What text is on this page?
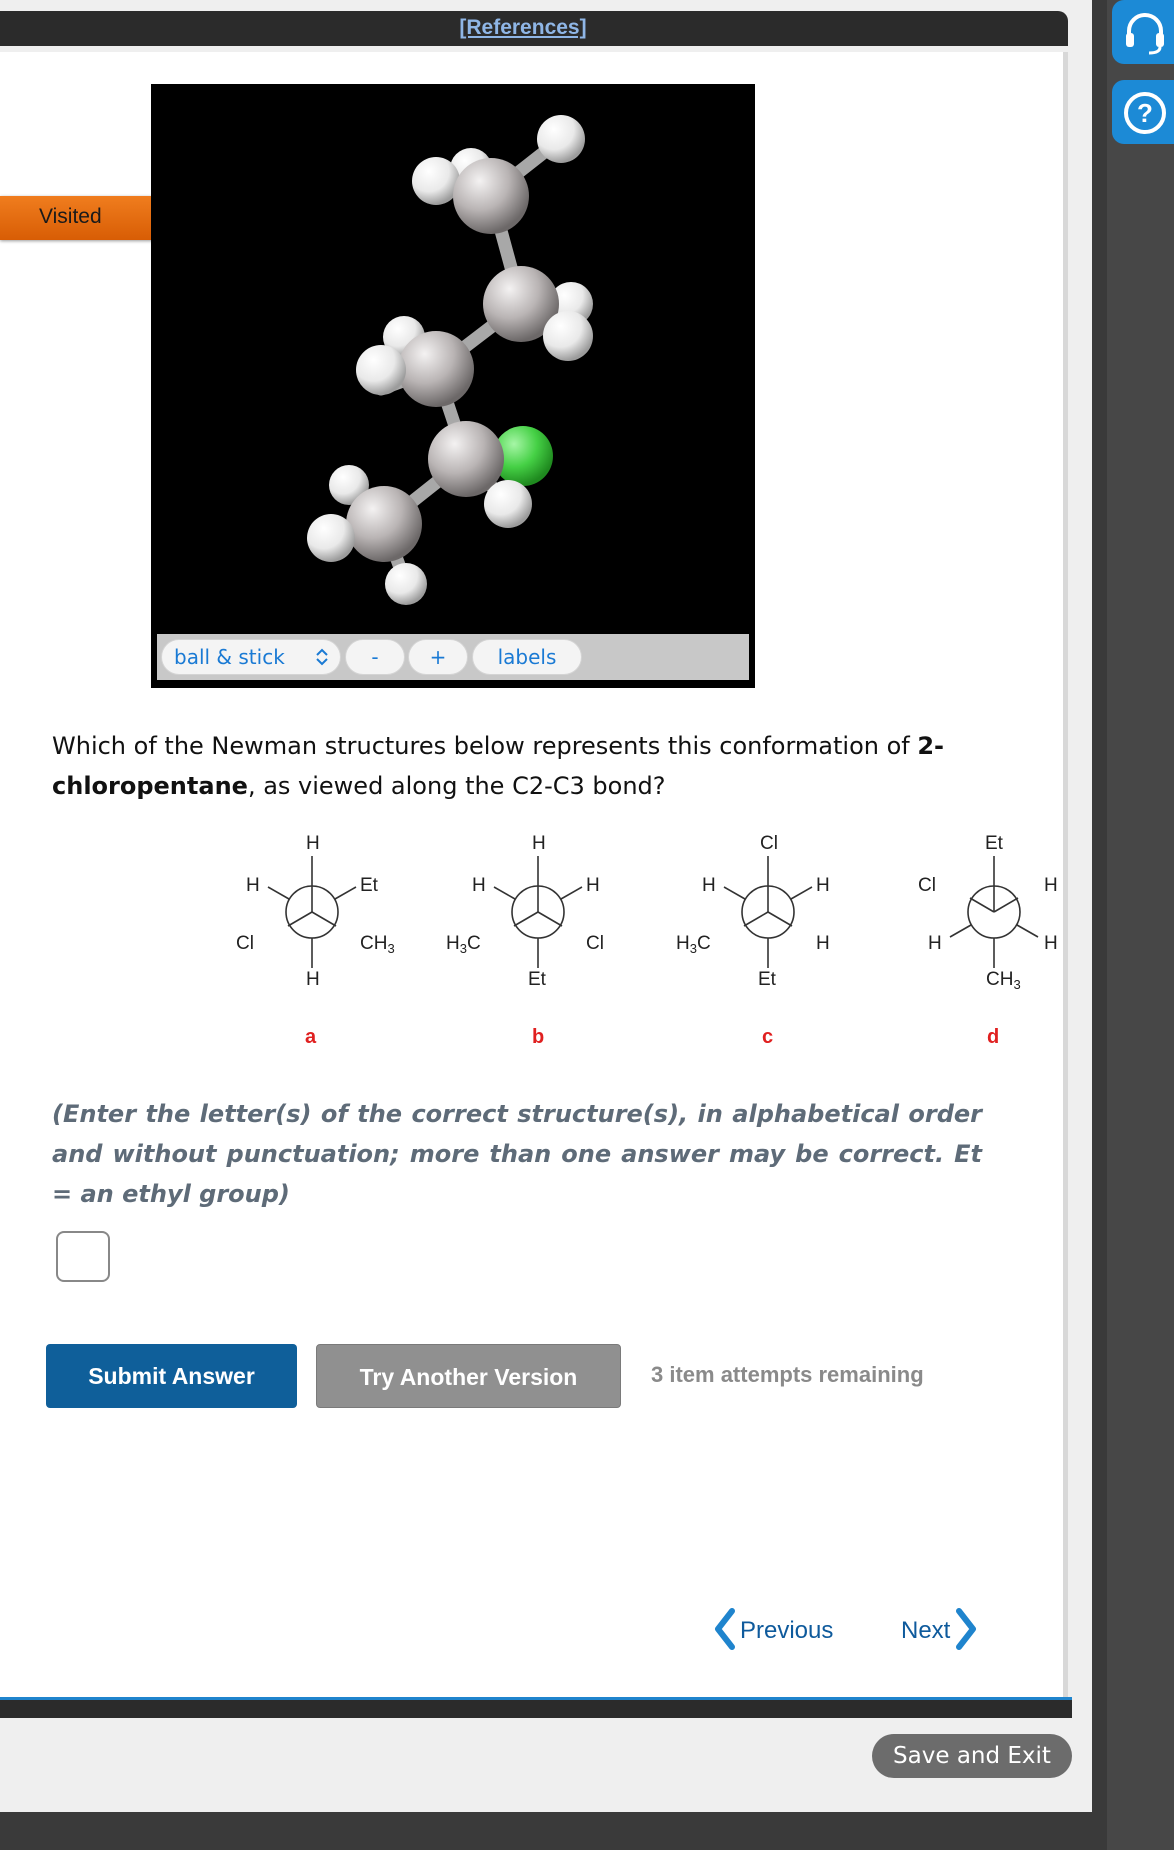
[References]
?
Visited
ball & stick	-	+	labels
Which of the Newman structures below represents this conformation of 2-chloropentane, as viewed along the C2-C3 bond?
H
H	Et
Cl	$CH_3$
H
H
H	H
$H_3C$	Cl
Et
Cl
H	H
$H_3C$	H
Et
Et
Cl	H
H	H
$CH_3$
a	b	c	d
(Enter the letter(s) of the correct structure(s), in alphabetical order and without punctuation; more than one answer may be correct. Et = an ethyl group)
Submit Answer	Try Another Version	3 item attempts remaining
Previous	Next
Save and Exit
